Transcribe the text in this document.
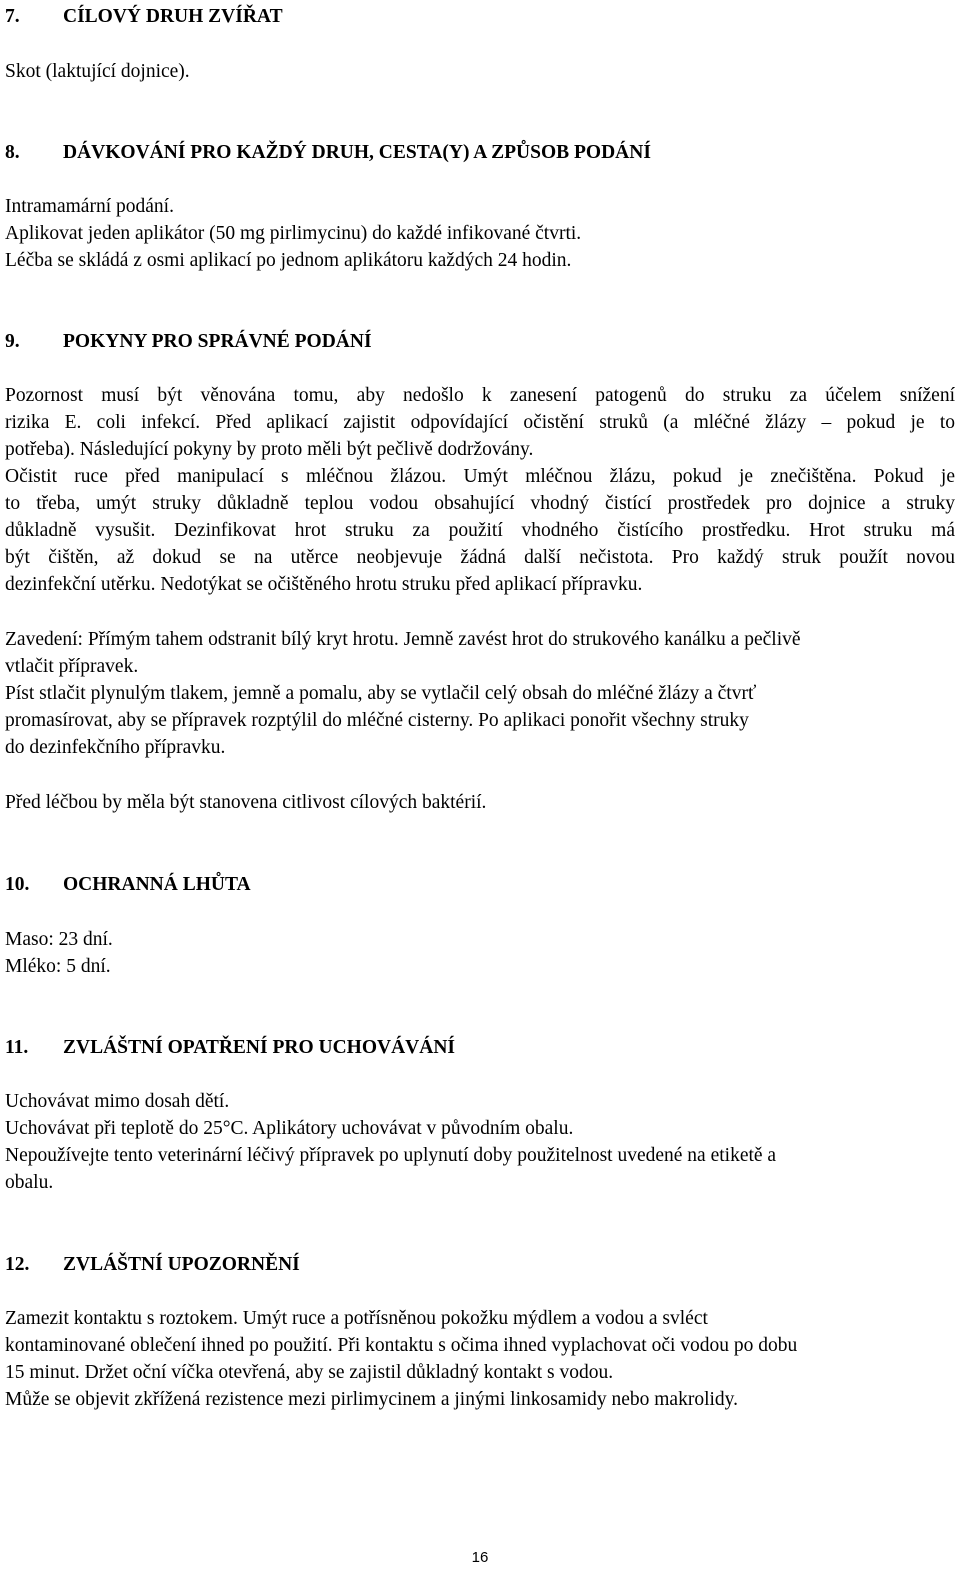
7. CÍLOVÝ DRUH ZVÍŘAT

Skot (laktující dojnice).

8. DÁVKOVÁNÍ PRO KAŽDÝ DRUH, CESTA(Y) A ZPŮSOB PODÁNÍ

Intramamární podání.
Aplikovat jeden aplikátor (50 mg pirlimycinu) do každé infikované čtvrti.
Léčba se skládá z osmi aplikací po jednom aplikátoru každých 24 hodin.

9. POKYNY PRO SPRÁVNÉ PODÁNÍ

Pozornost musí být věnována tomu, aby nedošlo k zanesení patogenů do struku za účelem snížení
rizika E. coli infekcí. Před aplikací zajistit odpovídající očistění struků (a mléčné žlázy – pokud je to
potřeba). Následující pokyny by proto měli být pečlivě dodržovány.
Očistit ruce před manipulací s mléčnou žlázou. Umýt mléčnou žlázu, pokud je znečištěna. Pokud je
to třeba, umýt struky důkladně teplou vodou obsahující vhodný čistící prostředek pro dojnice a struky
důkladně vysušit. Dezinfikovat hrot struku za použití vhodného čistícího prostředku. Hrot struku má
být čištěn, až dokud se na utěrce neobjevuje žádná další nečistota. Pro každý struk použít novou
dezinfekční utěrku. Nedotýkat se očištěného hrotu struku před aplikací přípravku.

Zavedení: Přímým tahem odstranit bílý kryt hrotu. Jemně zavést hrot do strukového kanálku a pečlivě
vtlačit přípravek.
Píst stlačit plynulým tlakem, jemně a pomalu, aby se vytlačil celý obsah do mléčné žlázy a čtvrť
promasírovat, aby se přípravek rozptýlil do mléčné cisterny. Po aplikaci ponořit všechny struky
do dezinfekčního přípravku.

Před léčbou by měla být stanovena citlivost cílových baktérií.

10. OCHRANNÁ LHŮTA

Maso: 23 dní.
Mléko: 5 dní.

11. ZVLÁŠTNÍ OPATŘENÍ PRO UCHOVÁVÁNÍ

Uchovávat mimo dosah dětí.
Uchovávat při teplotě do 25°C. Aplikátory uchovávat v původním obalu.
Nepoužívejte tento veterinární léčivý přípravek po uplynutí doby použitelnost uvedené na etiketě a
obalu.

12. ZVLÁŠTNÍ UPOZORNĚNÍ

Zamezit kontaktu s roztokem. Umýt ruce a potřísněnou pokožku mýdlem a vodou a svléct
kontaminované oblečení ihned po použití. Při kontaktu s očima ihned vyplachovat oči vodou po dobu
15 minut. Držet oční víčka otevřená, aby se zajistil důkladný kontakt s vodou.
Může se objevit zkřížená rezistence mezi pirlimycinem a jinými linkosamidy nebo makrolidy.

16
